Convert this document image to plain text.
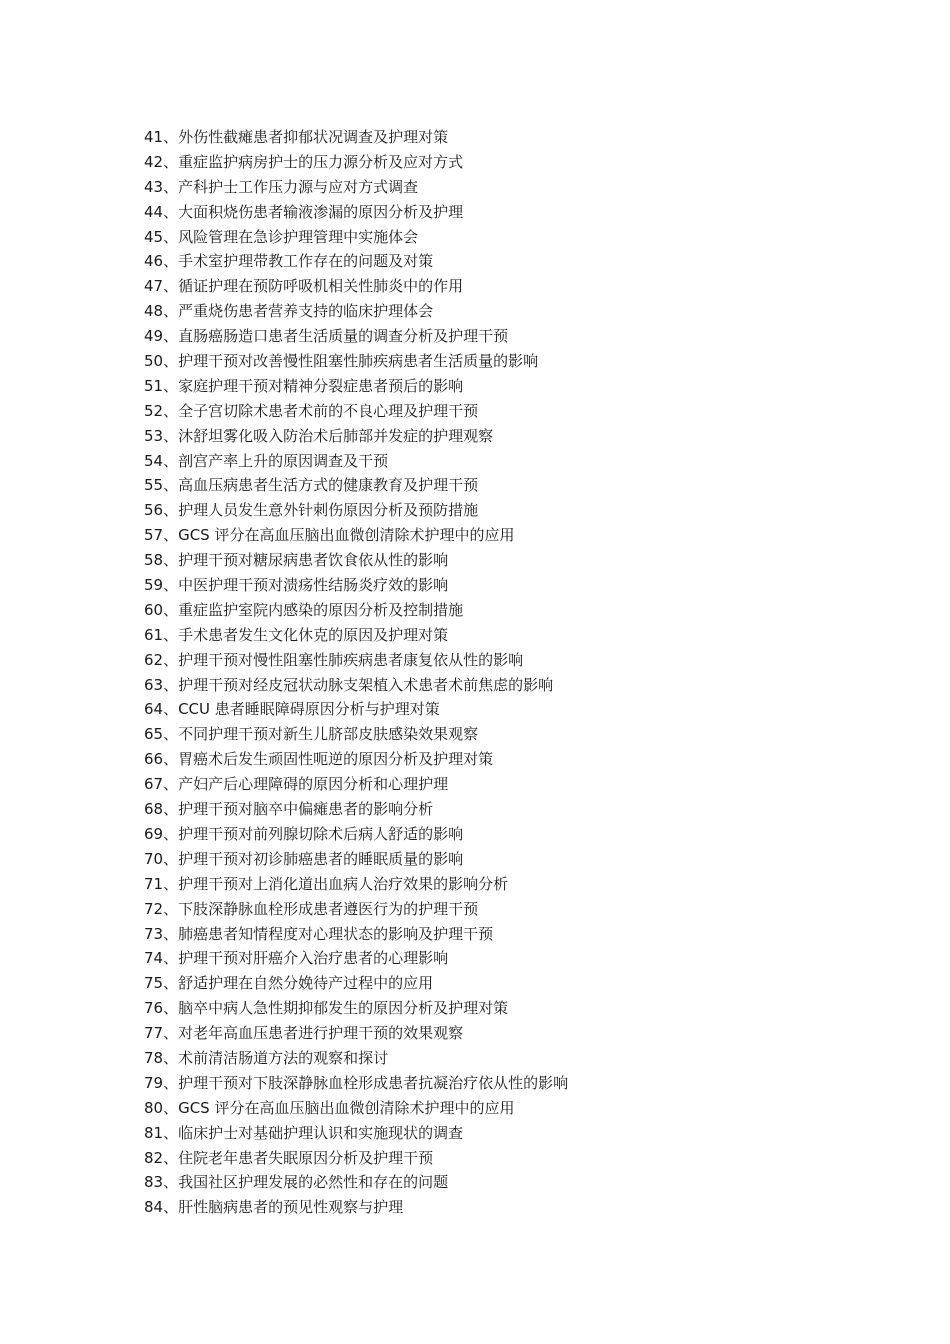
41、外伤性截瘫患者抑郁状况调查及护理对策
42、重症监护病房护士的压力源分析及应对方式
43、产科护士工作压力源与应对方式调查
44、大面积烧伤患者输液渗漏的原因分析及护理
45、风险管理在急诊护理管理中实施体会
46、手术室护理带教工作存在的问题及对策
47、循证护理在预防呼吸机相关性肺炎中的作用
48、严重烧伤患者营养支持的临床护理体会
49、直肠癌肠造口患者生活质量的调查分析及护理干预
50、护理干预对改善慢性阻塞性肺疾病患者生活质量的影响
51、家庭护理干预对精神分裂症患者预后的影响
52、全子宫切除术患者术前的不良心理及护理干预
53、沐舒坦雾化吸入防治术后肺部并发症的护理观察
54、剖宫产率上升的原因调查及干预
55、高血压病患者生活方式的健康教育及护理干预
56、护理人员发生意外针刺伤原因分析及预防措施
57、GCS 评分在高血压脑出血微创清除术护理中的应用
58、护理干预对糖尿病患者饮食依从性的影响
59、中医护理干预对溃疡性结肠炎疗效的影响
60、重症监护室院内感染的原因分析及控制措施
61、手术患者发生文化休克的原因及护理对策
62、护理干预对慢性阻塞性肺疾病患者康复依从性的影响
63、护理干预对经皮冠状动脉支架植入术患者术前焦虑的影响
64、CCU 患者睡眠障碍原因分析与护理对策
65、不同护理干预对新生儿脐部皮肤感染效果观察
66、胃癌术后发生顽固性呃逆的原因分析及护理对策
67、产妇产后心理障碍的原因分析和心理护理
68、护理干预对脑卒中偏瘫患者的影响分析
69、护理干预对前列腺切除术后病人舒适的影响
70、护理干预对初诊肺癌患者的睡眠质量的影响
71、护理干预对上消化道出血病人治疗效果的影响分析
72、下肢深静脉血栓形成患者遵医行为的护理干预
73、肺癌患者知情程度对心理状态的影响及护理干预
74、护理干预对肝癌介入治疗患者的心理影响
75、舒适护理在自然分娩待产过程中的应用
76、脑卒中病人急性期抑郁发生的原因分析及护理对策
77、对老年高血压患者进行护理干预的效果观察
78、术前清洁肠道方法的观察和探讨
79、护理干预对下肢深静脉血栓形成患者抗凝治疗依从性的影响
80、GCS 评分在高血压脑出血微创清除术护理中的应用
81、临床护士对基础护理认识和实施现状的调查
82、住院老年患者失眠原因分析及护理干预
83、我国社区护理发展的必然性和存在的问题
84、肝性脑病患者的预见性观察与护理
